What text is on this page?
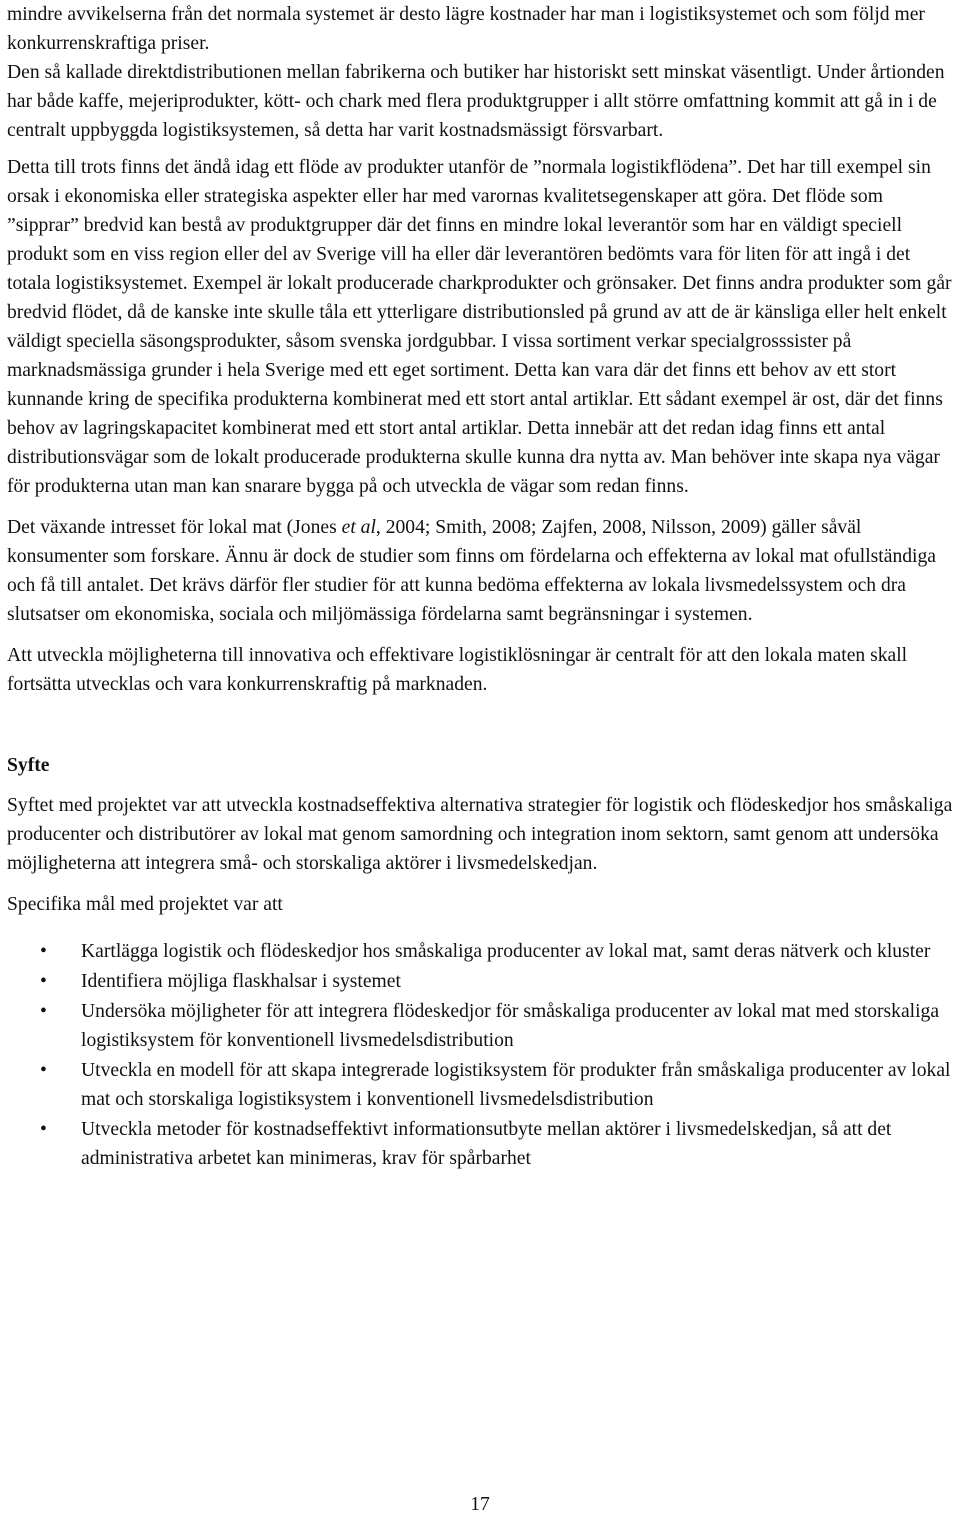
mindre avvikelserna från det normala systemet är desto lägre kostnader har man i logistiksystemet och som följd mer konkurrenskraftiga priser.

Den så kallade direktdistributionen mellan fabrikerna och butiker har historiskt sett minskat väsentligt. Under årtionden har både kaffe, mejeriprodukter, kött- och chark med flera produktgrupper i allt större omfattning kommit att gå in i de centralt uppbyggda logistiksystemen, så detta har varit kostnadsmässigt försvarbart.

Detta till trots finns det ändå idag ett flöde av produkter utanför de ”normala logistikflödena”. Det har till exempel sin orsak i ekonomiska eller strategiska aspekter eller har med varornas kvalitetsegenskaper att göra. Det flöde som ”sipprar” bredvid kan bestå av produktgrupper där det finns en mindre lokal leverantör som har en väldigt speciell produkt som en viss region eller del av Sverige vill ha eller där leverantören bedömts vara för liten för att ingå i det totala logistiksystemet. Exempel är lokalt producerade charkprodukter och grönsaker. Det finns andra produkter som går bredvid flödet, då de kanske inte skulle tåla ett ytterligare distributionsled på grund av att de är känsliga eller helt enkelt väldigt speciella säsongsprodukter, såsom svenska jordgubbar. I vissa sortiment verkar specialgrosssister på marknadsmässiga grunder i hela Sverige med ett eget sortiment. Detta kan vara där det finns ett behov av ett stort kunnande kring de specifika produkterna kombinerat med ett stort antal artiklar. Ett sådant exempel är ost, där det finns behov av lagringskapacitet kombinerat med ett stort antal artiklar. Detta innebär att det redan idag finns ett antal distributionsvägar som de lokalt producerade produkterna skulle kunna dra nytta av. Man behöver inte skapa nya vägar för produkterna utan man kan snarare bygga på och utveckla de vägar som redan finns.

Det växande intresset för lokal mat (Jones et al, 2004; Smith, 2008; Zajfen, 2008, Nilsson, 2009) gäller såväl konsumenter som forskare. Ännu är dock de studier som finns om fördelarna och effekterna av lokal mat ofullständiga och få till antalet. Det krävs därför fler studier för att kunna bedöma effekterna av lokala livsmedelssystem och dra slutsatser om ekonomiska, sociala och miljömässiga fördelarna samt begränsningar i systemen.

Att utveckla möjligheterna till innovativa och effektivare logistiklösningar är centralt för att den lokala maten skall fortsätta utvecklas och vara konkurrenskraftig på marknaden.

Syfte

Syftet med projektet var att utveckla kostnadseffektiva alternativa strategier för logistik och flödeskedjor hos småskaliga producenter och distributörer av lokal mat genom samordning och integration inom sektorn, samt genom att undersöka möjligheterna att integrera små- och storskaliga aktörer i livsmedelskedjan.

Specifika mål med projektet var att

• Kartlägga logistik och flödeskedjor hos småskaliga producenter av lokal mat, samt deras nätverk och kluster
• Identifiera möjliga flaskhalsar i systemet
• Undersöka möjligheter för att integrera flödeskedjor för småskaliga producenter av lokal mat med storskaliga logistiksystem för konventionell livsmedelsdistribution
• Utveckla en modell för att skapa integrerade logistiksystem för produkter från småskaliga producenter av lokal mat och storskaliga logistiksystem i konventionell livsmedelsdistribution
• Utveckla metoder för kostnadseffektivt informationsutbyte mellan aktörer i livsmedelskedjan, så att det administrativa arbetet kan minimeras, krav för spårbarhet
17
